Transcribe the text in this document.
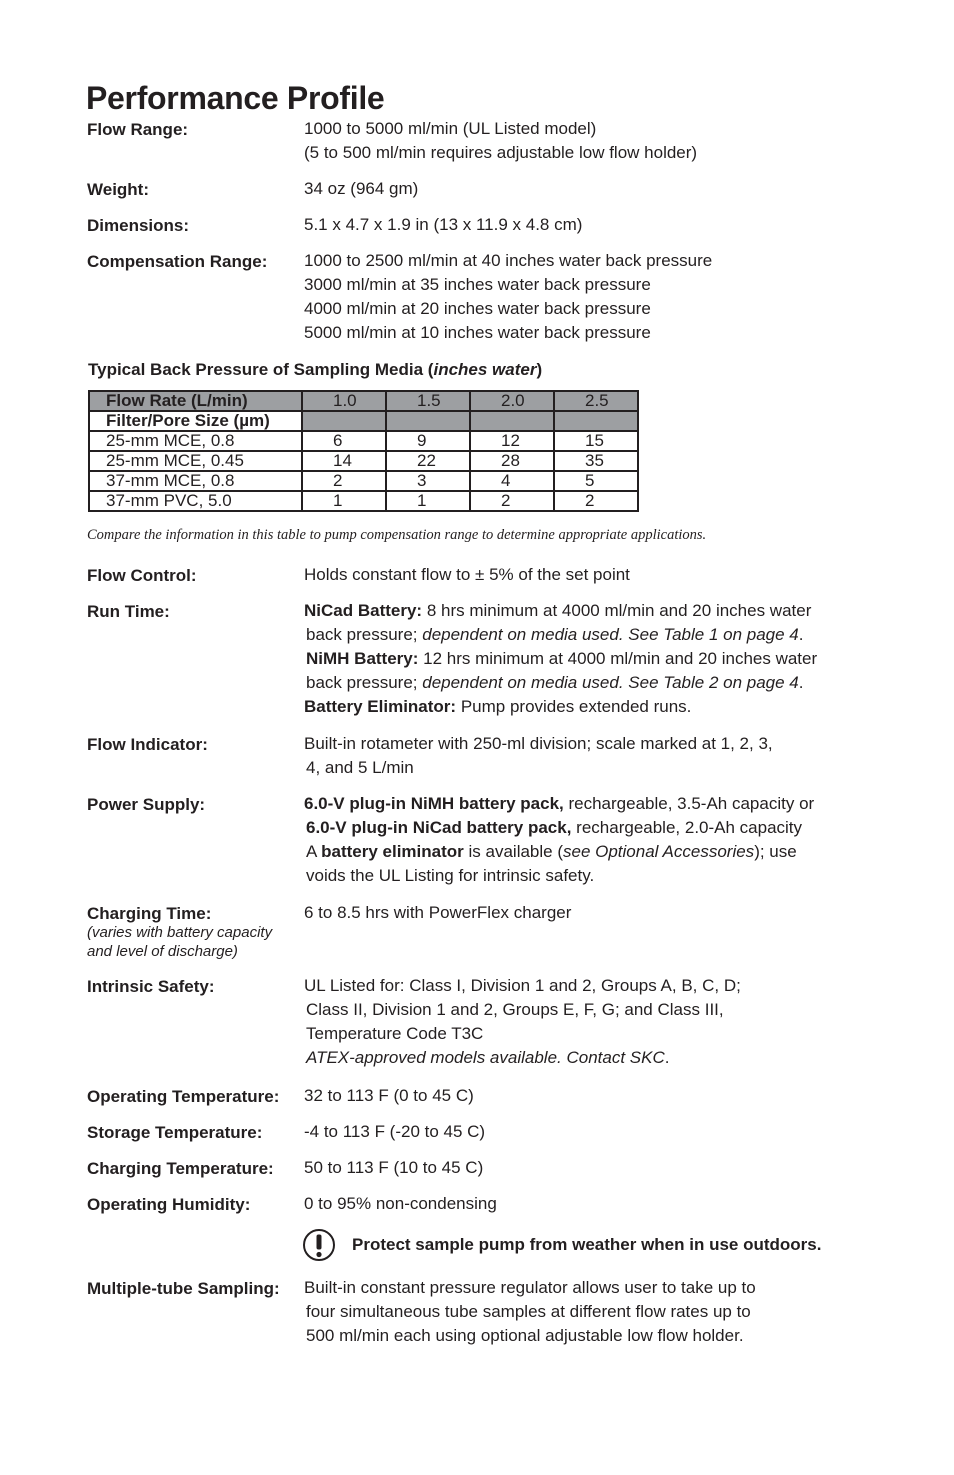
Performance Profile
Flow Range:	1000 to 5000 ml/min (UL Listed model)
(5 to 500 ml/min requires adjustable low flow holder)
Weight:	34 oz (964 gm)
Dimensions:	5.1 x 4.7 x 1.9 in (13 x 11.9 x 4.8 cm)
Compensation Range: 1000 to 2500 ml/min at 40 inches water back pressure
3000 ml/min at 35 inches water back pressure
4000 ml/min at 20 inches water back pressure
5000 ml/min at 10 inches water back pressure
Typical Back Pressure of Sampling Media (inches water)
Flow Rate (L/min)	1.0	1.5	2.0	2.5
Filter/Pore Size (µm)				
25-mm MCE, 0.8	6	9	12	15
25-mm MCE, 0.45	14	22	28	35
37-mm MCE, 0.8	2	3	4	5
37-mm PVC, 5.0	1	1	2	2
Compare the information in this table to pump compensation range to determine appropriate applications.
Flow Control:	Holds constant flow to ± 5% of the set point
Run Time:	NiCad Battery: 8 hrs minimum at 4000 ml/min and 20 inches water
back pressure; dependent on media used. See Table 1 on page 4.
NiMH Battery: 12 hrs minimum at 4000 ml/min and 20 inches water
back pressure; dependent on media used. See Table 2 on page 4.
Battery Eliminator: Pump provides extended runs.
Flow Indicator:	Built-in rotameter with 250-ml division; scale marked at 1, 2, 3,
4, and 5 L/min
Power Supply:	6.0-V plug-in NiMH battery pack, rechargeable, 3.5-Ah capacity or
6.0-V plug-in NiCad battery pack, rechargeable, 2.0-Ah capacity
A battery eliminator is available (see Optional Accessories); use
voids the UL Listing for intrinsic safety.
Charging Time:
(varies with battery capacity
and level of discharge)
6 to 8.5 hrs with PowerFlex charger
Intrinsic Safety:	UL Listed for: Class I, Division 1 and 2, Groups A, B, C, D;
Class II, Division 1 and 2, Groups E, F, G; and Class III,
Temperature Code T3C
ATEX-approved models available. Contact SKC.
Operating Temperature: 32 to 113 F (0 to 45 C)
Storage Temperature: -4 to 113 F (-20 to 45 C)
Charging Temperature: 50 to 113 F (10 to 45 C)
Operating Humidity:	0 to 95% non-condensing
Protect sample pump from weather when in use outdoors.
Multiple-tube Sampling: Built-in constant pressure regulator allows user to take up to
four simultaneous tube samples at different flow rates up to
500 ml/min each using optional adjustable low flow holder.
